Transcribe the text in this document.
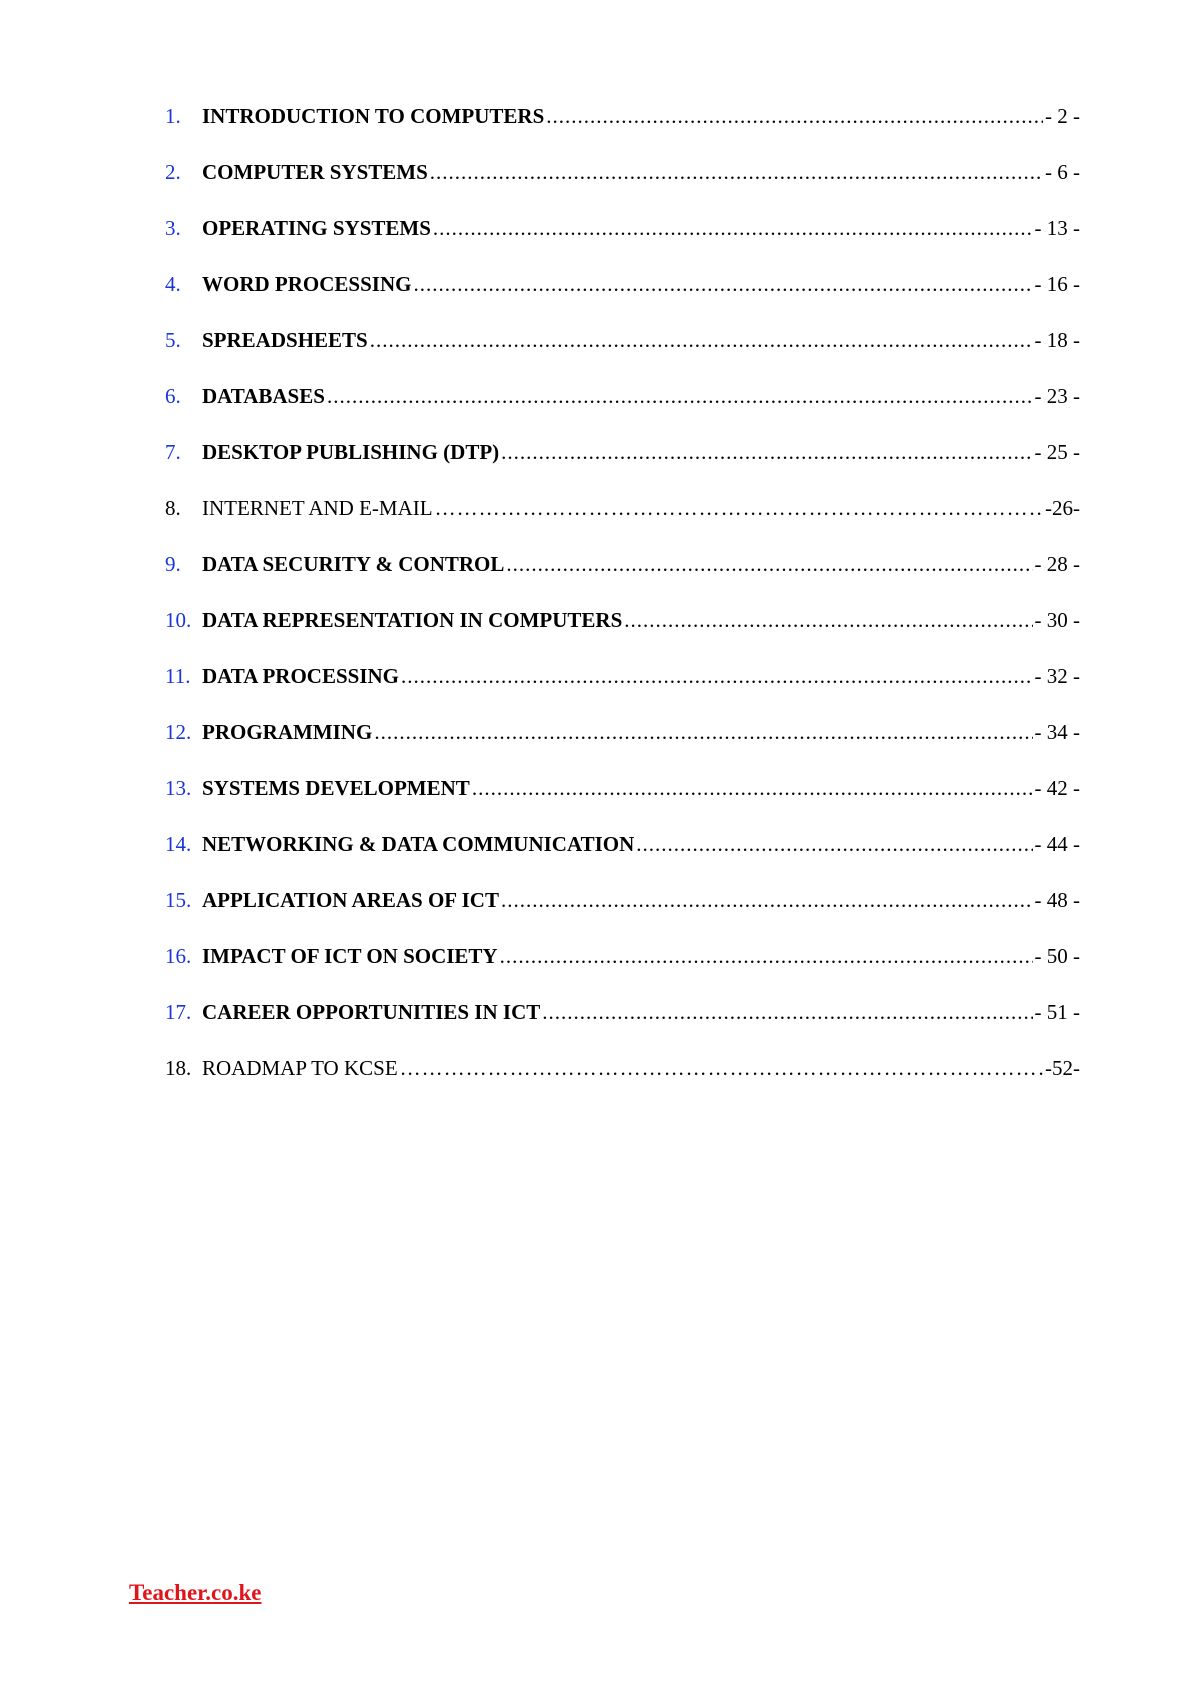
1.	INTRODUCTION TO COMPUTERS .....	- 2 -
2.	COMPUTER SYSTEMS .....	- 6 -
3.	OPERATING SYSTEMS .....	- 13 -
4.	WORD PROCESSING .....	- 16 -
5.	SPREADSHEETS .....	- 18 -
6.	DATABASES .....	- 23 -
7.	DESKTOP PUBLISHING (DTP) .....	- 25 -
8.	INTERNET AND E-MAIL …………………………………………………………………………………………………………………………………………………………………………………………………………………………	-26-
9.	DATA SECURITY & CONTROL .....	- 28 -
10. DATA REPRESENTATION IN COMPUTERS .....	- 30 -
11. DATA PROCESSING .....	- 32 -
12. PROGRAMMING .....	- 34 -
13. SYSTEMS DEVELOPMENT .....	- 42 -
14. NETWORKING & DATA COMMUNICATION .....	- 44 -
15. APPLICATION AREAS OF ICT .....	- 48 -
16. IMPACT OF ICT ON SOCIETY .....	- 50 -
17. CAREER OPPORTUNITIES IN ICT .....	- 51 -
18. ROADMAP TO KCSE …………………………………………………………………………………………………………………………………………………………………………………………………………………………	-52-
Teacher.co.ke
